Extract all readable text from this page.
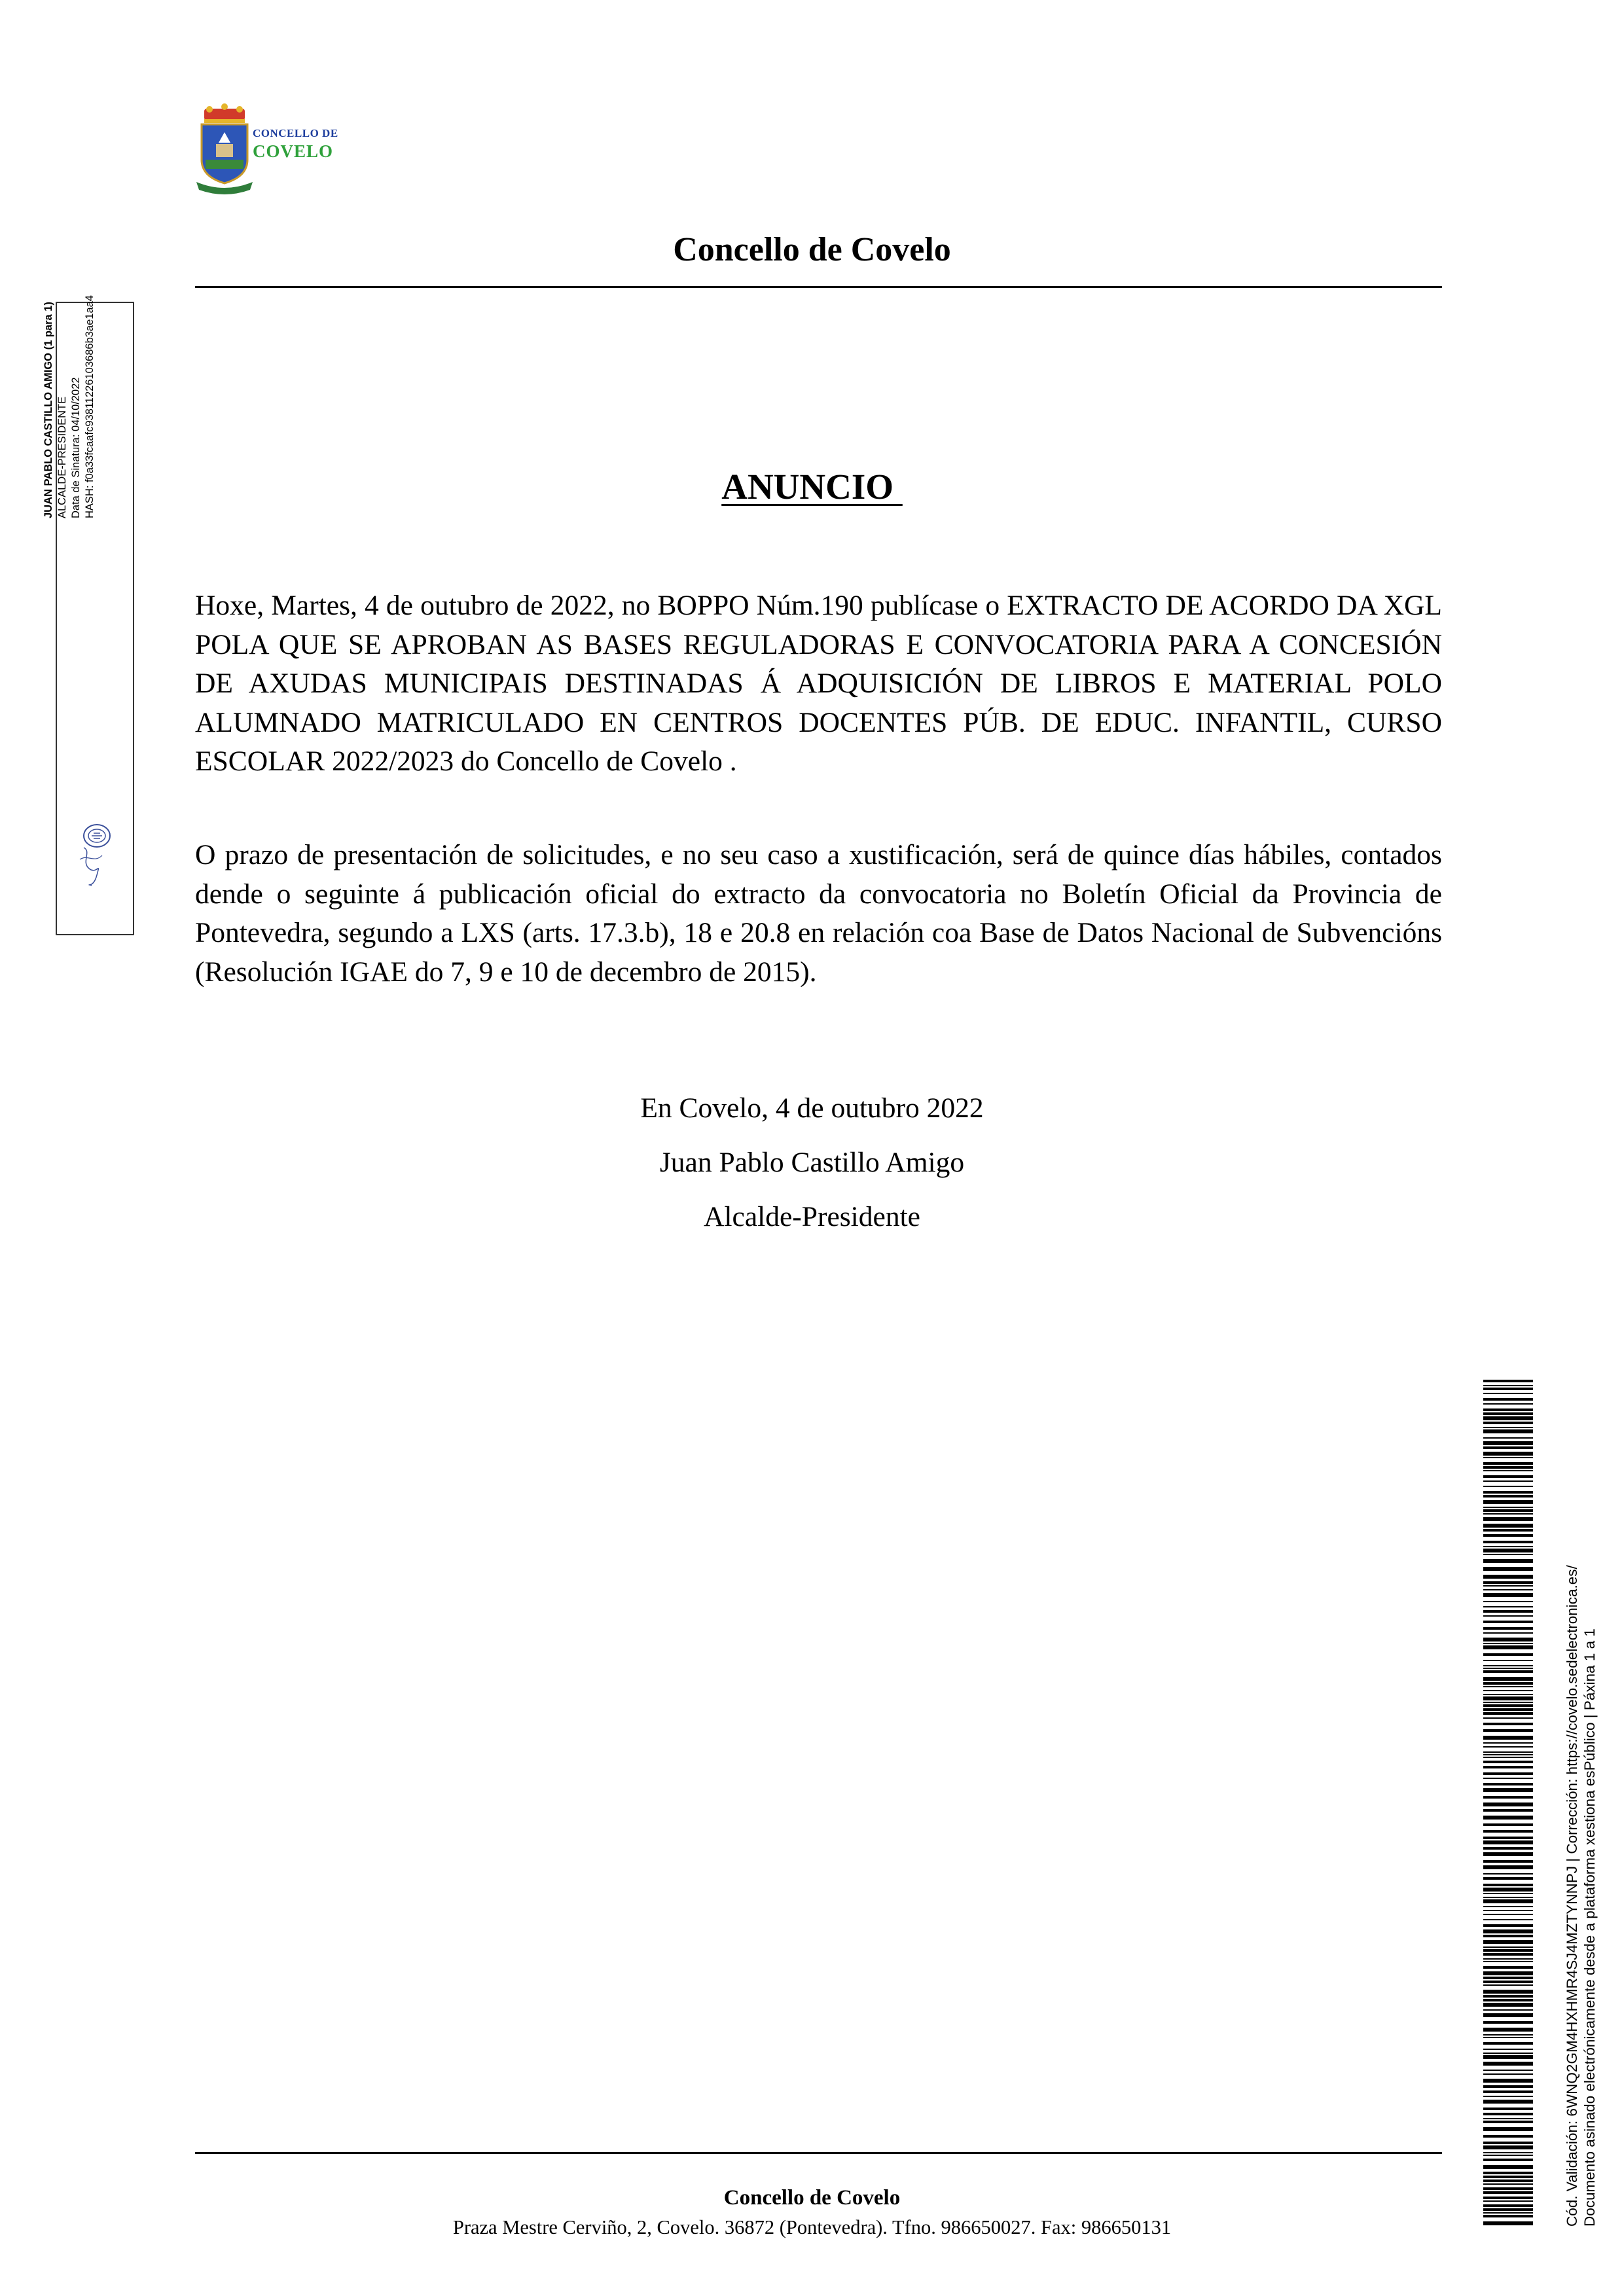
CONCELLO DE
COVELO
Concello de Covelo
JUAN PABLO CASTILLO AMIGO (1 para 1) ALCALDE-PRESIDENTE Data de Sinatura: 04/10/2022 HASH: f0a33fcaafc93811226103686b3ae1aa4	ANUNCIO
Hoxe, Martes, 4 de outubro de 2022, no BOPPO Núm.190 publícase o EXTRACTO DE ACORDO DA XGL POLA QUE SE APROBAN AS BASES REGULADORAS E CONVOCATORIA PARA A CONCESIÓN DE AXUDAS MUNICIPAIS DESTINADAS Á ADQUISICIÓN DE LIBROS E MATERIAL POLO ALUMNADO MATRICULADO EN CENTROS DOCENTES PÚB. DE EDUC. INFANTIL, CURSO ESCOLAR 2022/2023 do Concello de Covelo .
O prazo de presentación de solicitudes, e no seu caso a xustificación, será de quince días hábiles, contados dende o seguinte á publicación oficial do extracto da convocatoria no Boletín Oficial da Provincia de Pontevedra, segundo a LXS (arts. 17.3.b), 18 e 20.8 en relación coa Base de Datos Nacional de Subvencións (Resolución IGAE do 7, 9 e 10 de decembro de 2015).
En Covelo, 4 de outubro 2022
Juan Pablo Castillo Amigo
Alcalde-Presidente
Concello de Covelo
Praza Mestre Cerviño, 2, Covelo. 36872 (Pontevedra). Tfno. 986650027. Fax: 986650131
Cód. Validación: 6WNQ2GM4HXHMR4SJ4MZTYNNPJ | Corrección: https://covelo.sedelectronica.es/ Documento asinado electrónicamente desde a plataforma xestiona esPúblico | Páxina 1 a 1
